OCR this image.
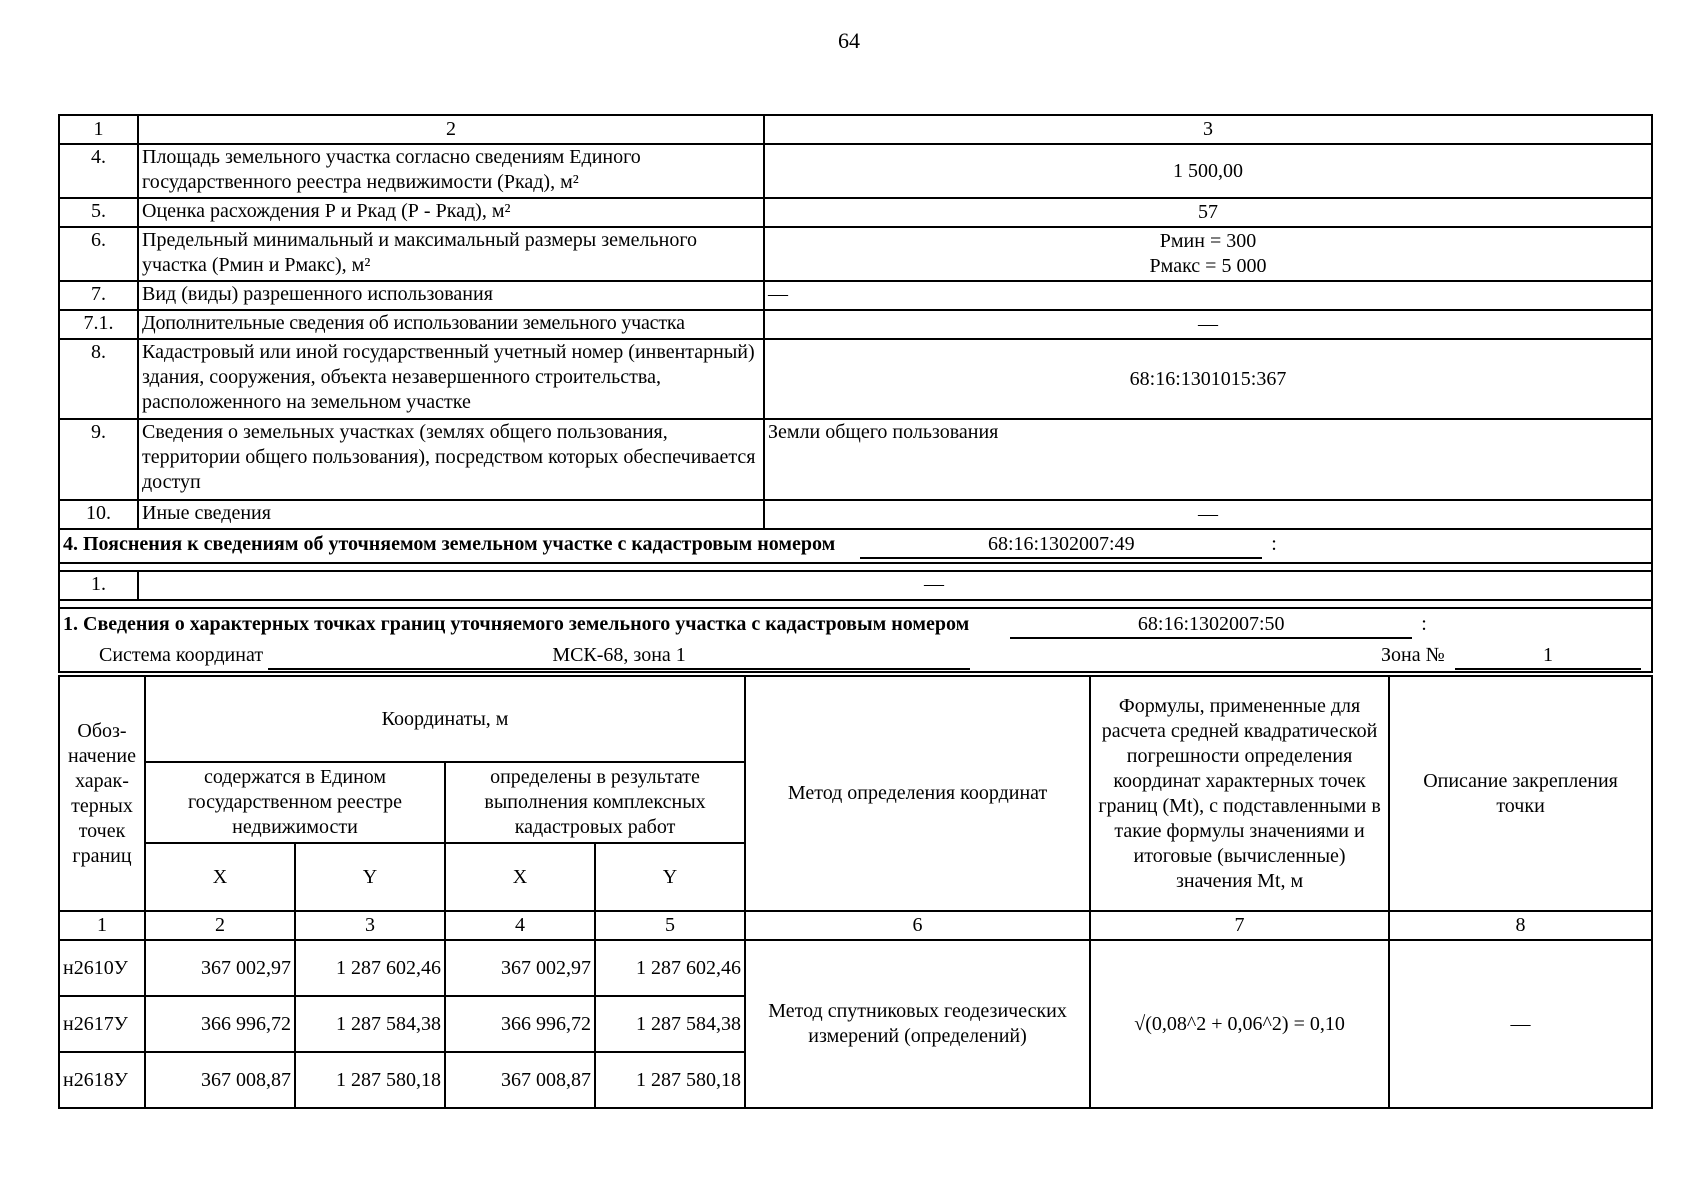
64
1	2	3
4.	Площадь земельного участка согласно сведениям Единого государственного реестра недвижимости (Ркад), м²	1 500,00
5.	Оценка расхождения Р и Ркад (Р - Ркад), м²	57
6.	Предельный минимальный и максимальный размеры земельного участка (Рмин и Рмакс), м²	Рмин = 300
Рмакс = 5 000

7.	Вид (виды) разрешенного использования	—
7.1.	Дополнительные сведения об использовании земельного участка	—
8.	Кадастровый или иной государственный учетный номер (инвентарный) здания, сооружения, объекта незавершенного строительства, расположенного на земельном участке	68:16:1301015:367
9.	Сведения о земельных участках (землях общего пользования, территории общего пользования), посредством которых обеспечивается доступ	Земли общего пользования
10.	Иные сведения	—
4. Пояснения к сведениям об уточняемом земельном участке с кадастровым номером 68:16:1302007:49 :		

1.	—	

1. Сведения о характерных точках границ уточняемого земельного участка с кадастровым номером 68:16:1302007:50 :
Система координат МСК-68, зона 1 Зона № 1		
Обоз-начение харак-терных точек границ	Координаты, м				Метод определения координат	Формулы, примененные для расчета средней квадратической погрешности определения координат характерных точек границ (Mt), с подставленными в такие формулы значениями и итоговые (вычисленные) значения Mt, м	Описание закрепления точки
	содержатся в Едином государственном реестре недвижимости		определены в результате выполнения комплексных кадастровых работ				
	X	Y	X	Y			
1	2	3	4	5	6	7	8
н2610У	367 002,97	1 287 602,46	367 002,97	1 287 602,46	Метод спутниковых геодезических измерений (определений)	√(0,08^2 + 0,06^2) = 0,10	—
н2617У	366 996,72	1 287 584,38	366 996,72	1 287 584,38			
н2618У	367 008,87	1 287 580,18	367 008,87	1 287 580,18			
